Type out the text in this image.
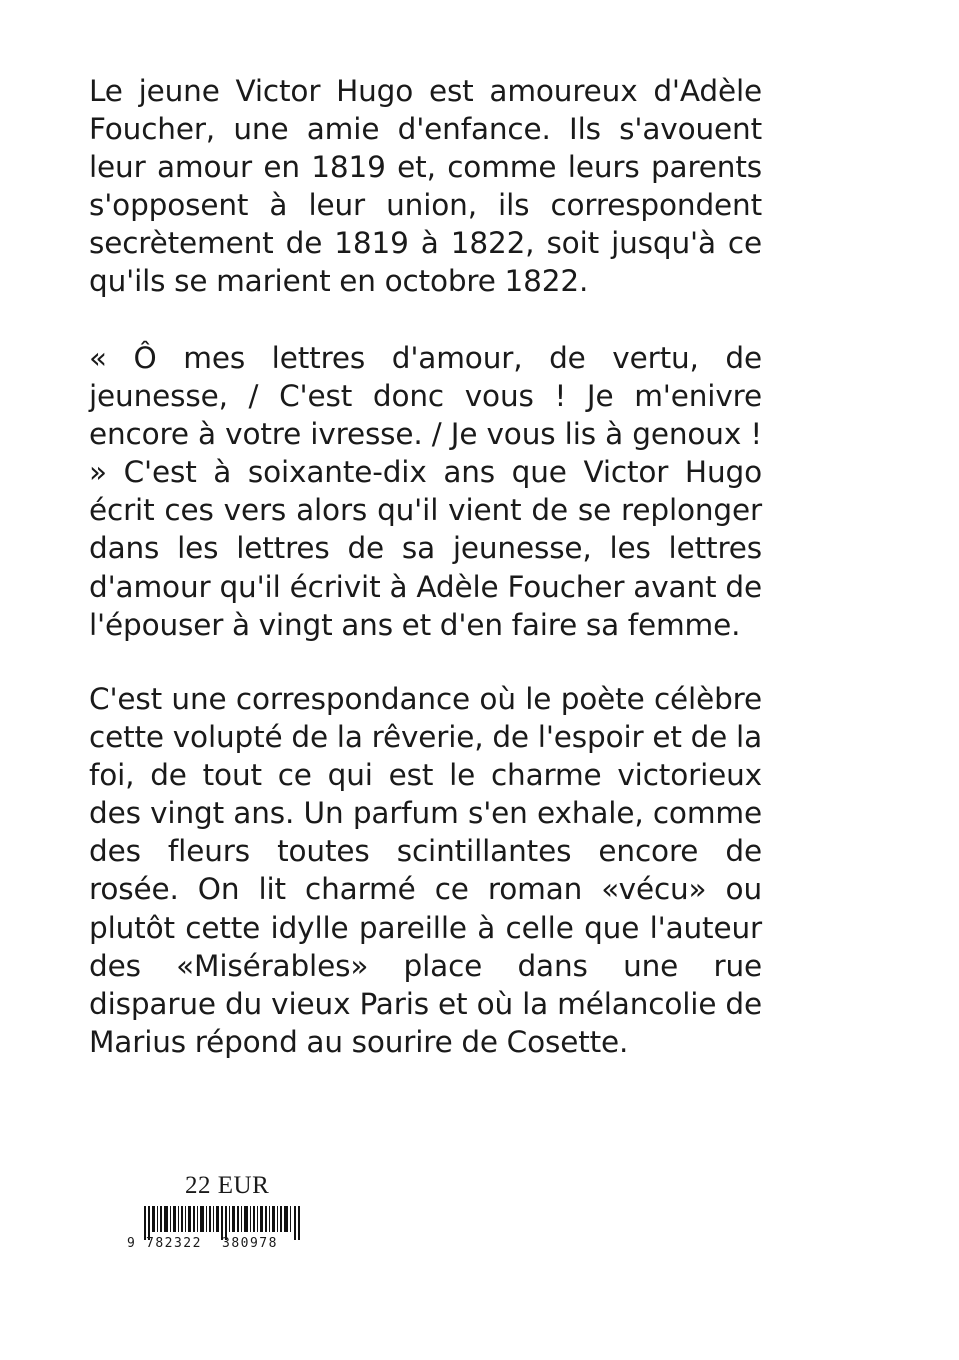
Le jeune Victor Hugo est amoureux d'Adèle Foucher, une amie d'enfance. Ils s'avouent leur amour en 1819 et, comme leurs parents s'opposent à leur union, ils correspondent secrètement de 1819 à 1822, soit jusqu'à ce qu'ils se marient en octobre 1822.

« Ô mes lettres d'amour, de vertu, de jeunesse, / C'est donc vous ! Je m'enivre encore à votre ivresse. / Je vous lis à genoux ! » C'est à soixante-dix ans que Victor Hugo écrit ces vers alors qu'il vient de se replonger dans les lettres de sa jeunesse, les lettres d'amour qu'il écrivit à Adèle Foucher avant de l'épouser à vingt ans et d'en faire sa femme.

C'est une correspondance où le poète célèbre cette volupté de la rêverie, de l'espoir et de la foi, de tout ce qui est le charme victorieux des vingt ans. Un parfum s'en exhale, comme des fleurs toutes scintillantes encore de rosée. On lit charmé ce roman «vécu» ou plutôt cette idylle pareille à celle que l'auteur des «Misérables» place dans une rue disparue du vieux Paris et où la mélancolie de Marius répond au sourire de Cosette.

22 EUR
9 782322 380978
